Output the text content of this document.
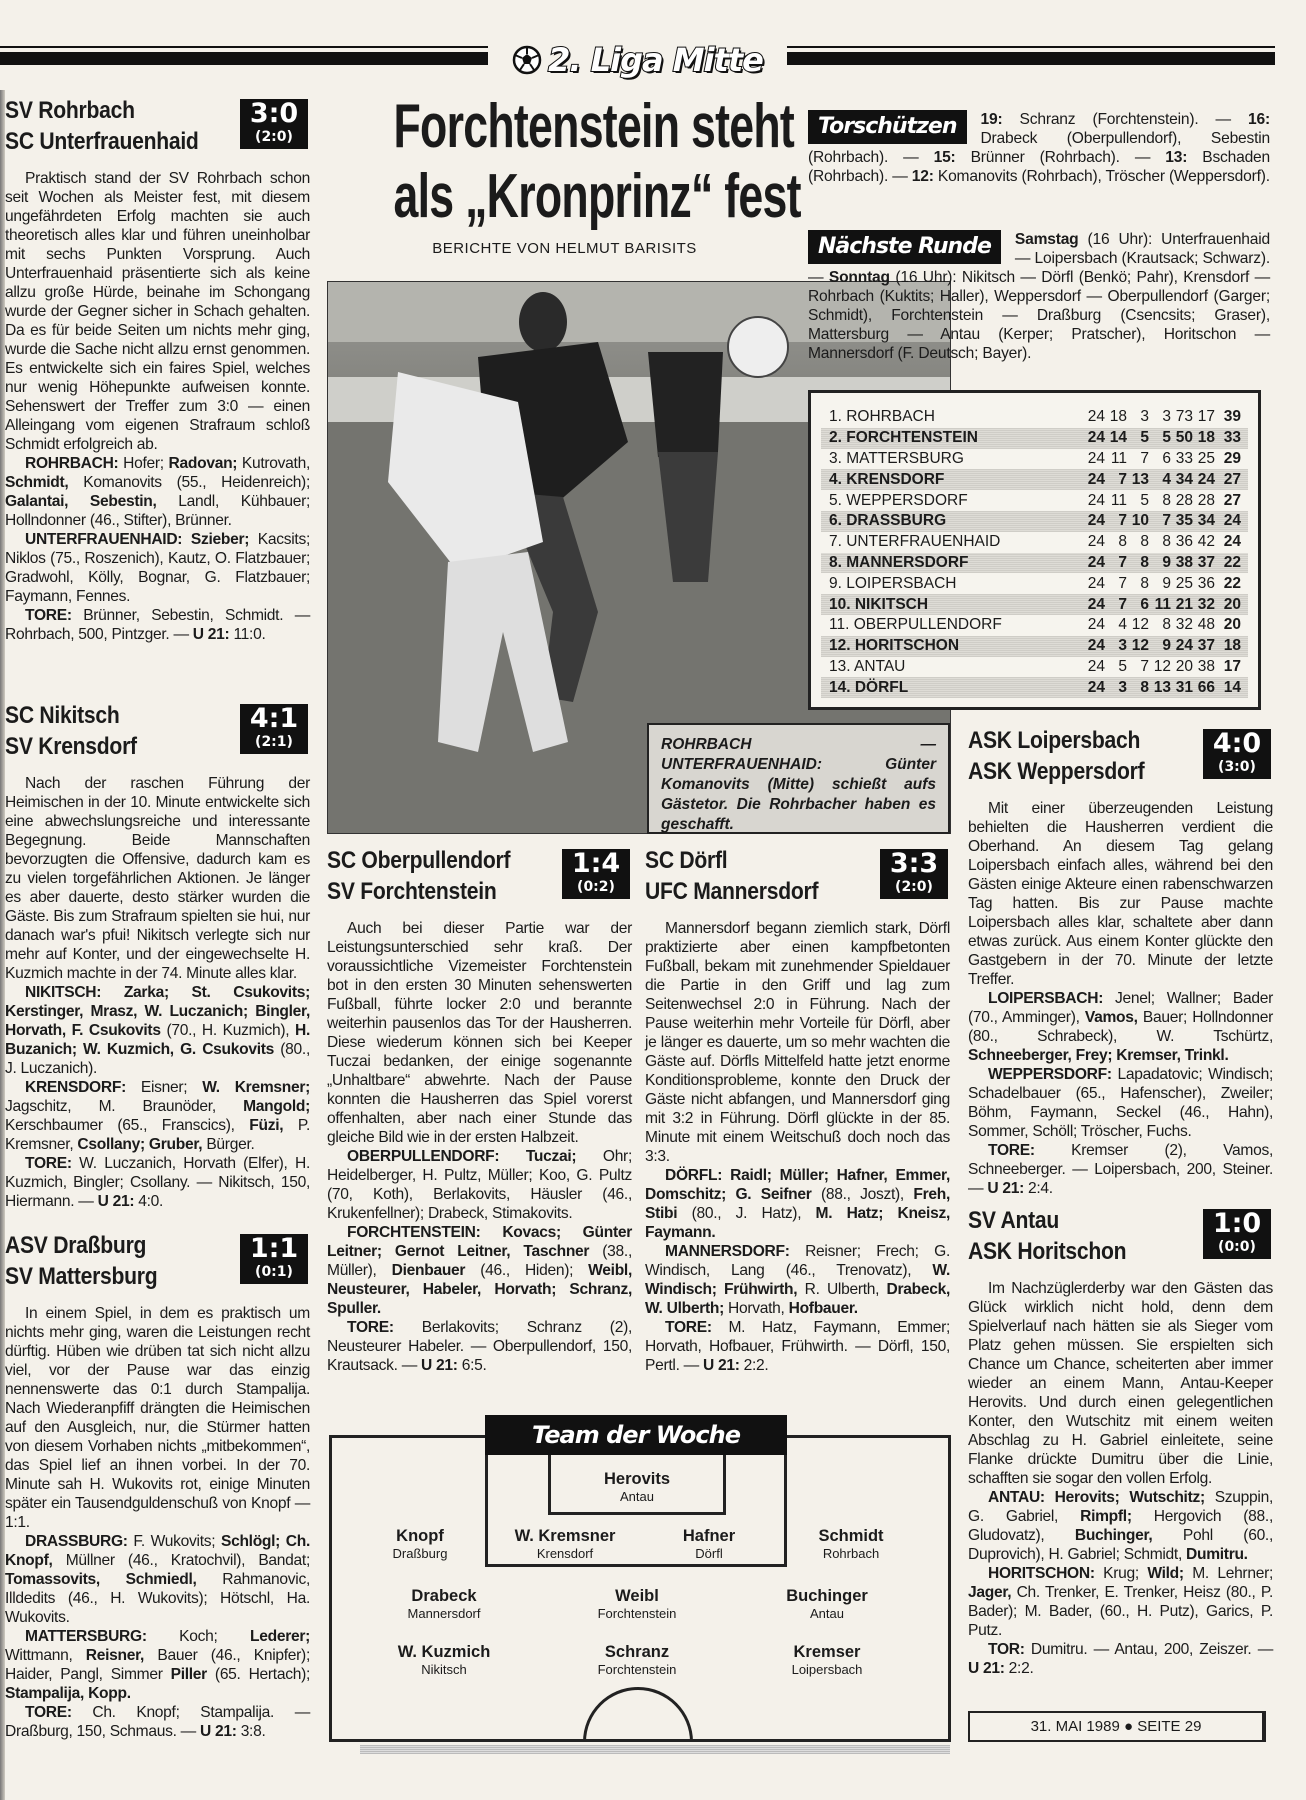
2. Liga Mitte
Forchtenstein steht
als „Kronprinz“ fest
BERICHTE VON HELMUT BARISITS
ROHRBACH — UNTERFRAUENHAID: Günter Komanovits (Mitte) schießt aufs Gästetor. Die Rohrbacher haben es geschafft.
Torschützen	19: Schranz (Forchtenstein). — 16: Drabeck (Oberpullendorf), Sebestin (Rohrbach). — 15: Brünner (Rohrbach). — 13: Bschaden (Rohrbach). — 12: Komanovits (Rohrbach), Tröscher (Weppersdorf).
Nächste Runde	Samstag (16 Uhr): Unterfrauenhaid — Loipersbach (Krautsack; Schwarz). — Sonntag (16 Uhr): Nikitsch — Dörfl (Benkö; Pahr), Krensdorf — Rohrbach (Kuktits; Haller), Weppersdorf — Oberpullendorf (Garger; Schmidt), Forchtenstein — Draßburg (Csencsits; Graser), Mattersburg — Antau (Kerper; Pratscher), Horitschon — Mannersdorf (F. Deutsch; Bayer).
1. ROHRBACH	24 18 3 3 73 17 39
2. FORCHTENSTEIN	24 14 5 5 50 18 33
3. MATTERSBURG	24 11 7 6 33 25 29
4. KRENSDORF	24 7 13 4 34 24 27
5. WEPPERSDORF	24 11 5 8 28 28 27
6. DRASSBURG	24 7 10 7 35 34 24
7. UNTERFRAUENHAID	24 8 8 8 36 42 24
8. MANNERSDORF	24 7 8 9 38 37 22
9. LOIPERSBACH	24 7 8 9 25 36 22
10. NIKITSCH	24 7 6 11 21 32 20
11. OBERPULLENDORF	24 4 12 8 32 48 20
12. HORITSCHON	24 3 12 9 24 37 18
13. ANTAU	24 5 7 12 20 38 17
14. DÖRFL	24 3 8 13 31 66 14
SV Rohrbach
SC Unterfrauenhaid
3:0
(2:0)

Praktisch stand der SV Rohrbach schon seit Wochen als Meister fest, mit diesem ungefährdeten Erfolg machten sie auch theoretisch alles klar und führen uneinholbar mit sechs Punkten Vorsprung. Auch Unterfrauenhaid präsentierte sich als keine allzu große Hürde, beinahe im Schongang wurde der Gegner sicher in Schach gehalten. Da es für beide Seiten um nichts mehr ging, wurde die Sache nicht allzu ernst genommen. Es entwickelte sich ein faires Spiel, welches nur wenig Höhepunkte aufweisen konnte. Sehenswert der Treffer zum 3:0 — einen Alleingang vom eigenen Strafraum schloß Schmidt erfolgreich ab.

ROHRBACH: Hofer; Radovan; Kutrovath, Schmidt, Komanovits (55., Heidenreich); Galantai, Sebestin, Landl, Kühbauer; Hollndonner (46., Stifter), Brünner.

UNTERFRAUENHAID: Szieber; Kacsits; Niklos (75., Roszenich), Kautz, O. Flatzbauer; Gradwohl, Kölly, Bognar, G. Flatzbauer; Faymann, Fennes.

TORE: Brünner, Sebestin, Schmidt. — Rohrbach, 500, Pintzger. — U 21: 11:0.

SC Nikitsch
SV Krensdorf
4:1
(2:1)

Nach der raschen Führung der Heimischen in der 10. Minute entwickelte sich eine abwechslungsreiche und interessante Begegnung. Beide Mannschaften bevorzugten die Offensive, dadurch kam es zu vielen torgefährlichen Aktionen. Je länger es aber dauerte, desto stärker wurden die Gäste. Bis zum Strafraum spielten sie hui, nur danach war's pfui! Nikitsch verlegte sich nur mehr auf Konter, und der eingewechselte H. Kuzmich machte in der 74. Minute alles klar.

NIKITSCH: Zarka; St. Csukovits; Kerstinger, Mrasz, W. Luczanich; Bingler, Horvath, F. Csukovits (70., H. Kuzmich), H. Buzanich; W. Kuzmich, G. Csukovits (80., J. Luczanich).

KRENSDORF: Eisner; W. Kremsner; Jagschitz, M. Braunöder, Mangold; Kerschbaumer (65., Franscics), Füzi, P. Kremsner, Csollany; Gruber, Bürger.

TORE: W. Luczanich, Horvath (Elfer), H. Kuzmich, Bingler; Csollany. — Nikitsch, 150, Hiermann. — U 21: 4:0.

ASV Draßburg
SV Mattersburg
1:1
(0:1)

In einem Spiel, in dem es praktisch um nichts mehr ging, waren die Leistungen recht dürftig. Hüben wie drüben tat sich nicht allzu viel, vor der Pause war das einzig nennenswerte das 0:1 durch Stampalija. Nach Wiederanpfiff drängten die Heimischen auf den Ausgleich, nur, die Stürmer hatten von diesem Vorhaben nichts „mitbekommen“, das Spiel lief an ihnen vorbei. In der 70. Minute sah H. Wukovits rot, einige Minuten später ein Tausendguldenschuß von Knopf — 1:1.

DRASSBURG: F. Wukovits; Schlögl; Ch. Knopf, Müllner (46., Kratochvil), Bandat; Tomassovits, Schmiedl, Rahmanovic, Illdedits (46., H. Wukovits); Hötschl, Ha. Wukovits.

MATTERSBURG: Koch; Lederer; Wittmann, Reisner, Bauer (46., Knipfer); Haider, Pangl, Simmer Piller (65. Hertach); Stampalija, Kopp.

TORE: Ch. Knopf; Stampalija. — Draßburg, 150, Schmaus. — U 21: 3:8.

SC Oberpullendorf
SV Forchtenstein
1:4
(0:2)

Auch bei dieser Partie war der Leistungsunterschied sehr kraß. Der voraussichtliche Vizemeister Forchtenstein bot in den ersten 30 Minuten sehenswerten Fußball, führte locker 2:0 und berannte weiterhin pausenlos das Tor der Hausherren. Diese wiederum können sich bei Keeper Tuczai bedanken, der einige sogenannte „Unhaltbare“ abwehrte. Nach der Pause konnten die Hausherren das Spiel vorerst offenhalten, aber nach einer Stunde das gleiche Bild wie in der ersten Halbzeit.

OBERPULLENDORF: Tuczai; Ohr; Heidelberger, H. Pultz, Müller; Koo, G. Pultz (70, Koth), Berlakovits, Häusler (46., Krukenfellner); Drabeck, Stimakovits.

FORCHTENSTEIN: Kovacs; Günter Leitner; Gernot Leitner, Taschner (38., Müller), Dienbauer (46., Hiden); Weibl, Neusteurer, Habeler, Horvath; Schranz, Spuller.

TORE: Berlakovits; Schranz (2), Neusteurer Habeler. — Oberpullendorf, 150, Krautsack. — U 21: 6:5.

SC Dörfl
UFC Mannersdorf
3:3
(2:0)

Mannersdorf begann ziemlich stark, Dörfl praktizierte aber einen kampfbetonten Fußball, bekam mit zunehmender Spieldauer die Partie in den Griff und lag zum Seitenwechsel 2:0 in Führung. Nach der Pause weiterhin mehr Vorteile für Dörfl, aber je länger es dauerte, um so mehr wachten die Gäste auf. Dörfls Mittelfeld hatte jetzt enorme Konditionsprobleme, konnte den Druck der Gäste nicht abfangen, und Mannersdorf ging mit 3:2 in Führung. Dörfl glückte in der 85. Minute mit einem Weitschuß doch noch das 3:3.

DÖRFL: Raidl; Müller; Hafner, Emmer, Domschitz; G. Seifner (88., Joszt), Freh, Stibi (80., J. Hatz), M. Hatz; Kneisz, Faymann.

MANNERSDORF: Reisner; Frech; G. Windisch, Lang (46., Trenovatz), W. Windisch; Frühwirth, R. Ulberth, Drabeck, W. Ulberth; Horvath, Hofbauer.

TORE: M. Hatz, Faymann, Emmer; Horvath, Hofbauer, Frühwirth. — Dörfl, 150, Pertl. — U 21: 2:2.

ASK Loipersbach
ASK Weppersdorf
4:0
(3:0)

Mit einer überzeugenden Leistung behielten die Hausherren verdient die Oberhand. An diesem Tag gelang Loipersbach einfach alles, während bei den Gästen einige Akteure einen rabenschwarzen Tag hatten. Bis zur Pause machte Loipersbach alles klar, schaltete aber dann etwas zurück. Aus einem Konter glückte den Gastgebern in der 70. Minute der letzte Treffer.

LOIPERSBACH: Jenel; Wallner; Bader (70., Amminger), Vamos, Bauer; Hollndonner (80., Schrabeck), W. Tschürtz, Schneeberger, Frey; Kremser, Trinkl.

WEPPERSDORF: Lapadatovic; Windisch; Schadelbauer (65., Hafenscher), Zweiler; Böhm, Faymann, Seckel (46., Hahn), Sommer, Schöll; Tröscher, Fuchs.

TORE: Kremser (2), Vamos, Schneeberger. — Loipersbach, 200, Steiner. — U 21: 2:4.

SV Antau
ASK Horitschon
1:0
(0:0)

Im Nachzüglerderby war den Gästen das Glück wirklich nicht hold, denn dem Spielverlauf nach hätten sie als Sieger vom Platz gehen müssen. Sie erspielten sich Chance um Chance, scheiterten aber immer wieder an einem Mann, Antau-Keeper Herovits. Und durch einen gelegentlichen Konter, den Wutschitz mit einem weiten Abschlag zu H. Gabriel einleitete, seine Flanke drückte Dumitru über die Linie, schafften sie sogar den vollen Erfolg.

ANTAU: Herovits; Wutschitz; Szuppin, G. Gabriel, Rimpfl; Hergovich (88., Gludovatz), Buchinger, Pohl (60., Duprovich), H. Gabriel; Schmidt, Dumitru.

HORITSCHON: Krug; Wild; M. Lehrner; Jager, Ch. Trenker, E. Trenker, Heisz (80., P. Bader); M. Bader, (60., H. Putz), Garics, P. Putz.

TOR: Dumitru. — Antau, 200, Zeiszer. — U 21: 2:2.

Team der Woche
Herovits
Antau
Knopf
Draßburg
W. Kremsner
Krensdorf
Hafner
Dörfl
Schmidt
Rohrbach
Drabeck
Mannersdorf
Weibl
Forchtenstein
Buchinger
Antau
W. Kuzmich
Nikitsch
Schranz
Forchtenstein
Kremser
Loipersbach
31. MAI 1989 ● SEITE 29
